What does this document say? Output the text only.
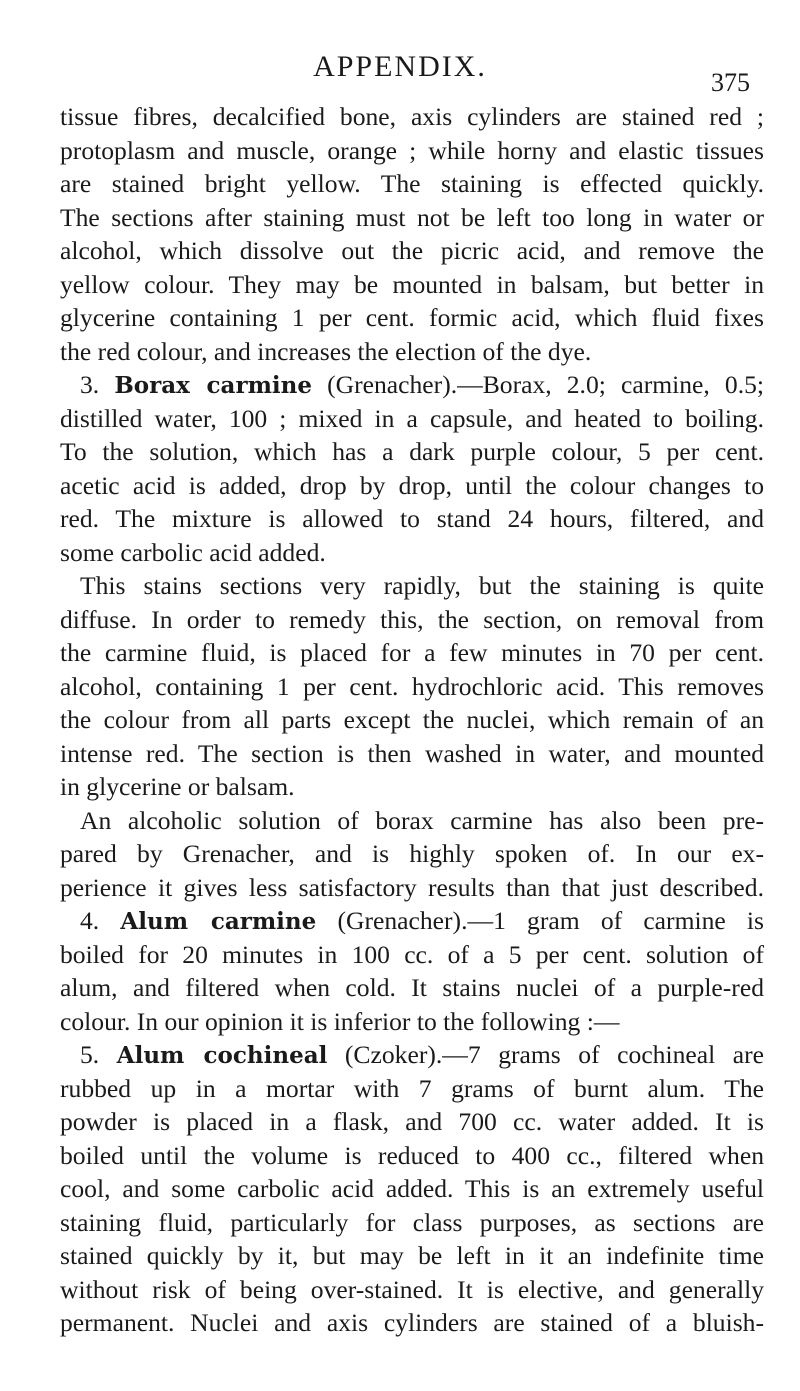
APPENDIX.	375
tissue fibres, decalcified bone, axis cylinders are stained red ;
protoplasm and muscle, orange ; while horny and elastic tissues
are stained bright yellow. The staining is effected quickly.
The sections after staining must not be left too long in water or
alcohol, which dissolve out the picric acid, and remove the
yellow colour. They may be mounted in balsam, but better in
glycerine containing 1 per cent. formic acid, which fluid fixes
the red colour, and increases the election of the dye.
3. Borax carmine (Grenacher).—Borax, 2.0; carmine, 0.5;
distilled water, 100 ; mixed in a capsule, and heated to boiling.
To the solution, which has a dark purple colour, 5 per cent.
acetic acid is added, drop by drop, until the colour changes to
red. The mixture is allowed to stand 24 hours, filtered, and
some carbolic acid added.
This stains sections very rapidly, but the staining is quite
diffuse. In order to remedy this, the section, on removal from
the carmine fluid, is placed for a few minutes in 70 per cent.
alcohol, containing 1 per cent. hydrochloric acid. This removes
the colour from all parts except the nuclei, which remain of an
intense red. The section is then washed in water, and mounted
in glycerine or balsam.
An alcoholic solution of borax carmine has also been pre-
pared by Grenacher, and is highly spoken of. In our ex-
perience it gives less satisfactory results than that just described.
4. Alum carmine (Grenacher).—1 gram of carmine is
boiled for 20 minutes in 100 cc. of a 5 per cent. solution of
alum, and filtered when cold. It stains nuclei of a purple-red
colour. In our opinion it is inferior to the following :—
5. Alum cochineal (Czoker).—7 grams of cochineal are
rubbed up in a mortar with 7 grams of burnt alum. The
powder is placed in a flask, and 700 cc. water added. It is
boiled until the volume is reduced to 400 cc., filtered when
cool, and some carbolic acid added. This is an extremely useful
staining fluid, particularly for class purposes, as sections are
stained quickly by it, but may be left in it an indefinite time
without risk of being over-stained. It is elective, and generally
permanent. Nuclei and axis cylinders are stained of a bluish-
